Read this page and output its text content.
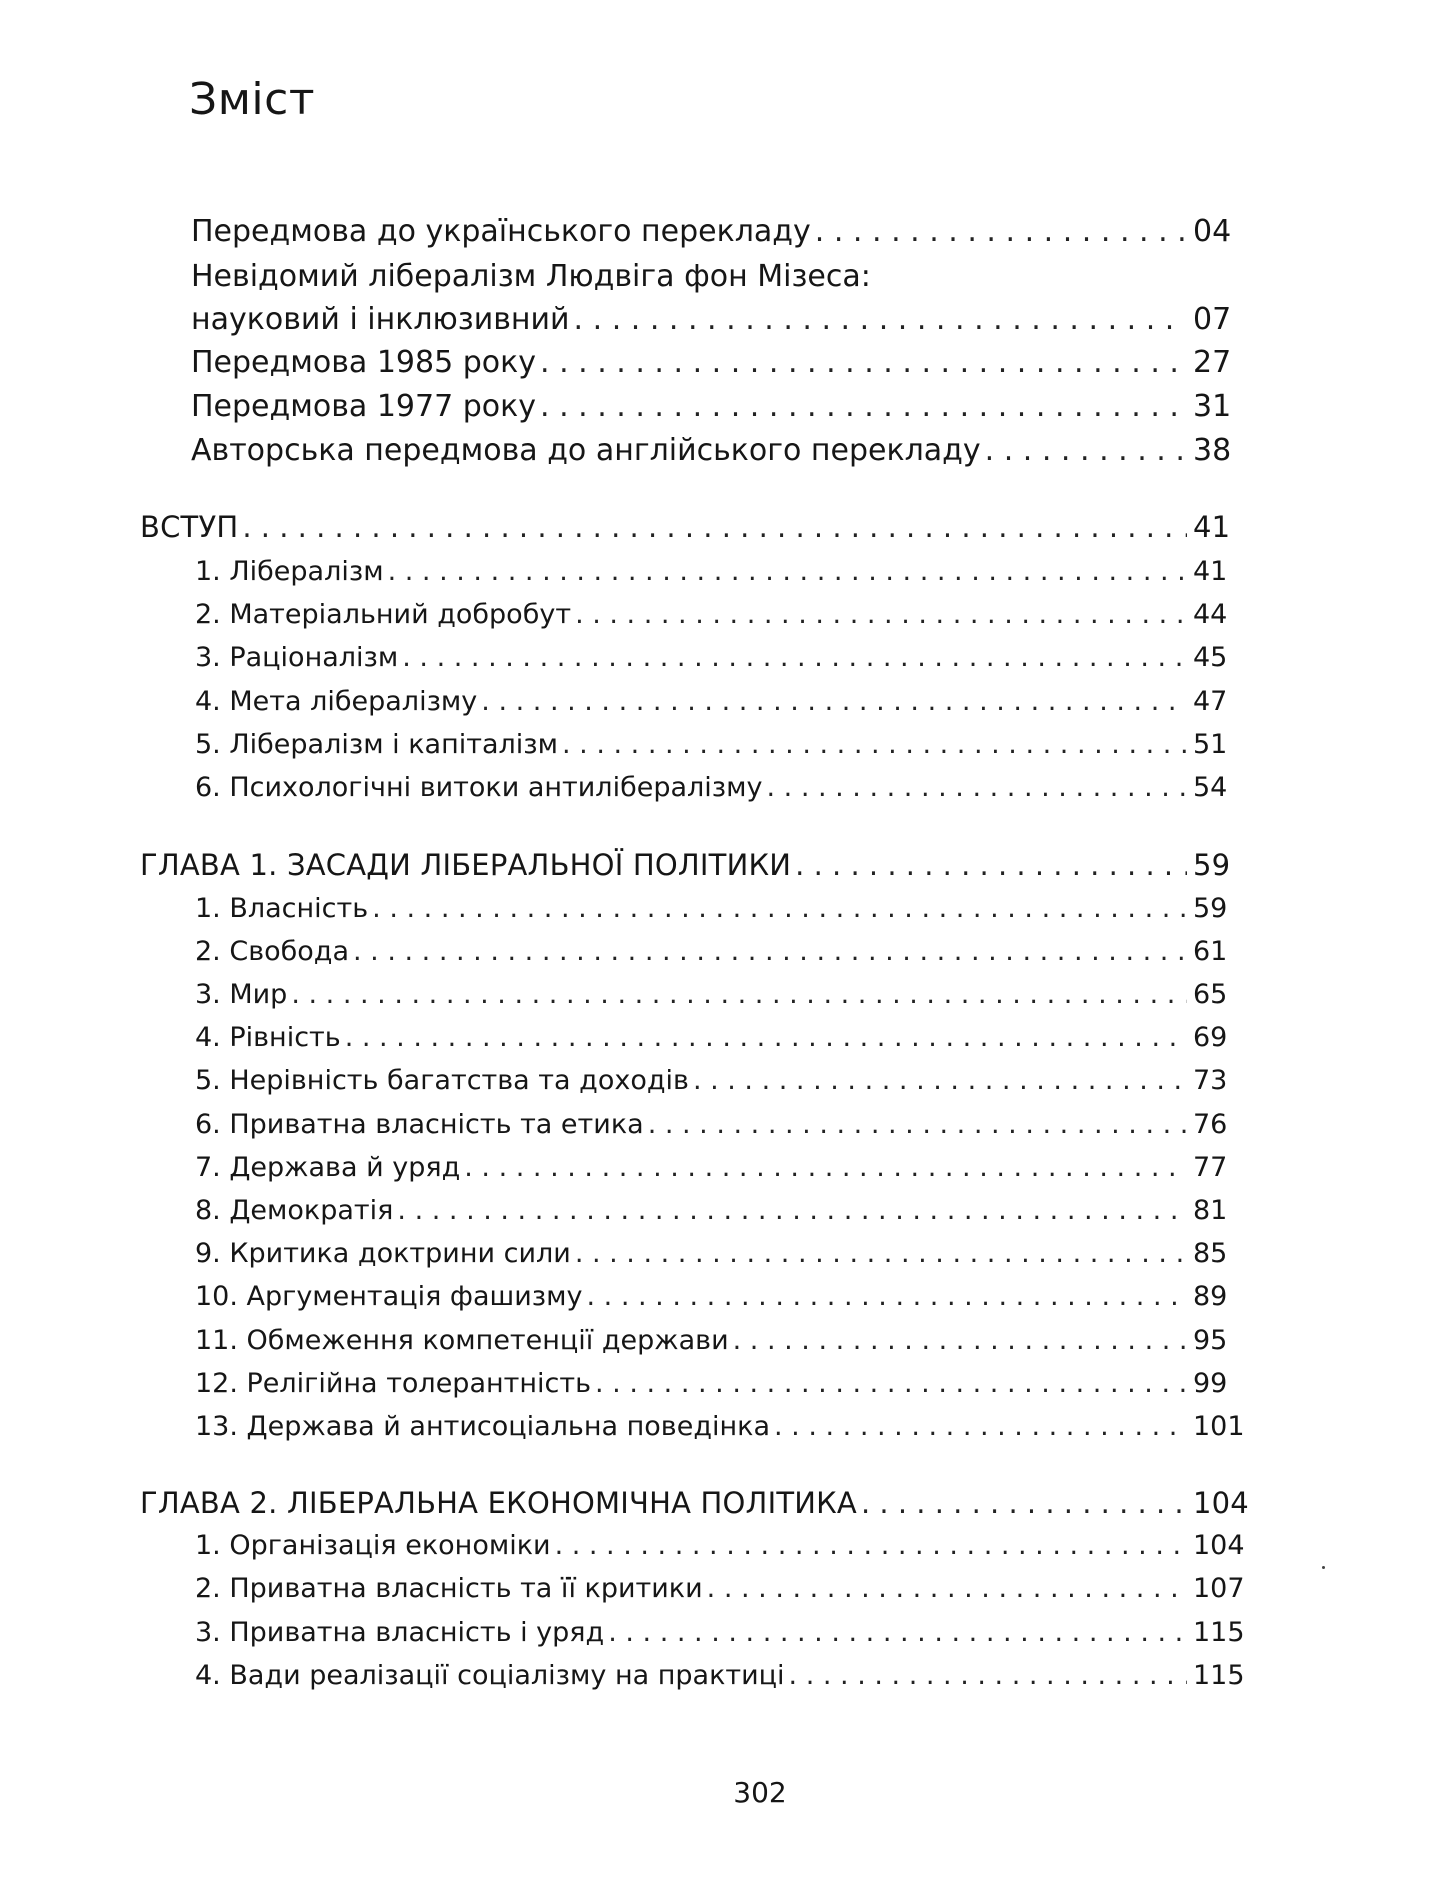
Зміст
Передмова до українського перекладу . . .	04
Невідомий лібералізм Людвіга фон Мізеса:
науковий і інклюзивний . . .	07
Передмова 1985 року . . .	27
Передмова 1977 року . . .	31
Авторська передмова до англійського перекладу . . .	38
ВСТУП . . .	41
1. Лібералізм . . .	41
2. Матеріальний добробут . . .	44
3. Раціоналізм . . .	45
4. Мета лібералізму . . .	47
5. Лібералізм і капіталізм . . .	51
6. Психологічні витоки антилібералізму . . .	54
ГЛАВА 1. ЗАСАДИ ЛІБЕРАЛЬНОЇ ПОЛІТИКИ . . .	59
1. Власність . . .	59
2. Свобода . . .	61
3. Мир . . .	65
4. Рівність . . .	69
5. Нерівність багатства та доходів . . .	73
6. Приватна власність та етика . . .	76
7. Держава й уряд . . .	77
8. Демократія . . .	81
9. Критика доктрини сили . . .	85
10. Аргументація фашизму . . .	89
11. Обмеження компетенції держави . . .	95
12. Релігійна толерантність . . .	99
13. Держава й антисоціальна поведінка . . .	101
ГЛАВА 2. ЛІБЕРАЛЬНА ЕКОНОМІЧНА ПОЛІТИКА . . .	104
1. Організація економіки . . .	104
2. Приватна власність та її критики . . .	107
3. Приватна власність і уряд . . .	115
4. Вади реалізації соціалізму на практиці . . .	115
302
